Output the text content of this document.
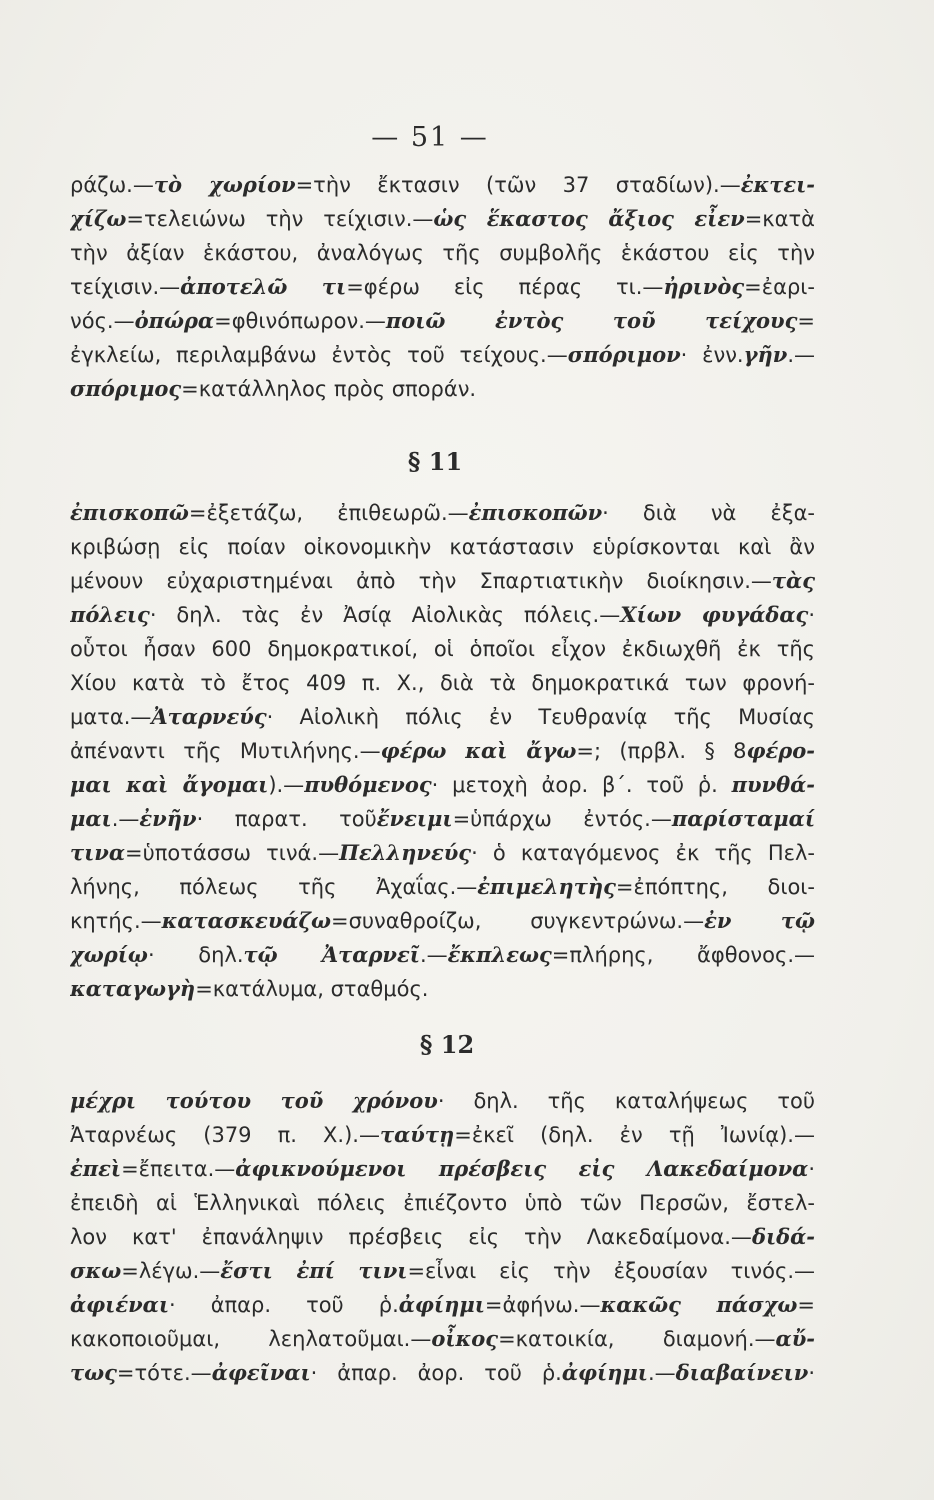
— 51 —
ράζω.—τὸ χωρίον=τὴν ἔκτασιν (τῶν 37 σταδίων).—ἐκτει-
χίζω=τελειώνω τὴν τείχισιν.—ὡς ἕκαστος ἄξιος εἶεν=κατὰ
τὴν ἀξίαν ἑκάστου, ἀναλόγως τῆς συμβολῆς ἑκάστου εἰς τὴν
τείχισιν.—ἀποτελῶ τι=φέρω εἰς πέρας τι.—ἠρινὸς=ἐαρι-
νός.—ὀπώρα=φθινόπωρον.—ποιῶ ἐντὸς τοῦ τείχους=
ἐγκλείω, περιλαμβάνω ἐντὸς τοῦ τείχους.—σπόριμον· ἐνν.γῆν.—
σπόριμος=κατάλληλος πρὸς σποράν.
§ 11
ἐπισκοπῶ=ἐξετάζω, ἐπιθεωρῶ.—ἐπισκοπῶν· διὰ νὰ ἐξα-
κριβώσῃ εἰς ποίαν οἰκονομικὴν κατάστασιν εὑρίσκονται καὶ ἂν
μένουν εὐχαριστημέναι ἀπὸ τὴν Σπαρτιατικὴν διοίκησιν.—τὰς
πόλεις· δηλ. τὰς ἐν Ἀσίᾳ Αἰολικὰς πόλεις.—Χίων φυγάδας·
οὗτοι ἦσαν 600 δημοκρατικοί, οἱ ὁποῖοι εἶχον ἐκδιωχθῆ ἐκ τῆς
Χίου κατὰ τὸ ἔτος 409 π. Χ., διὰ τὰ δημοκρατικά των φρονή-
ματα.—Ἀταρνεύς· Αἰολικὴ πόλις ἐν Τευθρανίᾳ τῆς Μυσίας
ἀπέναντι τῆς Μυτιλήνης.—φέρω καὶ ἄγω=; (πρβλ. § 8φέρο-
μαι καὶ ἄγομαι).—πυθόμενος· μετοχὴ ἀορ. β΄. τοῦ ῥ. πυνθά-
μαι.—ἐνῆν· παρατ. τοῦἔνειμι=ὑπάρχω ἐντός.—παρίσταμαί
τινα=ὑποτάσσω τινά.—Πελληνεύς· ὁ καταγόμενος ἐκ τῆς Πελ-
λήνης, πόλεως τῆς Ἀχαΐας.—ἐπιμελητὴς=ἐπόπτης, διοι-
κητής.—κατασκευάζω=συναθροίζω, συγκεντρώνω.—ἐν τῷ
χωρίῳ· δηλ.τῷ Ἀταρνεῖ.—ἔκπλεως=πλήρης, ἄφθονος.—
καταγωγὴ=κατάλυμα, σταθμός.
§ 12
μέχρι τούτου τοῦ χρόνου· δηλ. τῆς καταλήψεως τοῦ
Ἀταρνέως (379 π. Χ.).—ταύτῃ=ἐκεῖ (δηλ. ἐν τῇ Ἰωνίᾳ).—
ἐπεὶ=ἔπειτα.—ἀφικνούμενοι πρέσβεις εἰς Λακεδαίμονα·
ἐπειδὴ αἱ Ἑλληνικαὶ πόλεις ἐπιέζοντο ὑπὸ τῶν Περσῶν, ἔστελ-
λον κατ' ἐπανάληψιν πρέσβεις εἰς τὴν Λακεδαίμονα.—διδά-
σκω=λέγω.—ἔστι ἐπί τινι=εἶναι εἰς τὴν ἐξουσίαν τινός.—
ἀφιέναι· ἀπαρ. τοῦ ῥ.ἀφίημι=ἀφήνω.—κακῶς πάσχω=
κακοποιοῦμαι, λεηλατοῦμαι.—οἶκος=κατοικία, διαμονή.—αὔ-
τως=τότε.—ἀφεῖναι· ἀπαρ. ἀορ. τοῦ ῥ.ἀφίημι.—διαβαίνειν·
